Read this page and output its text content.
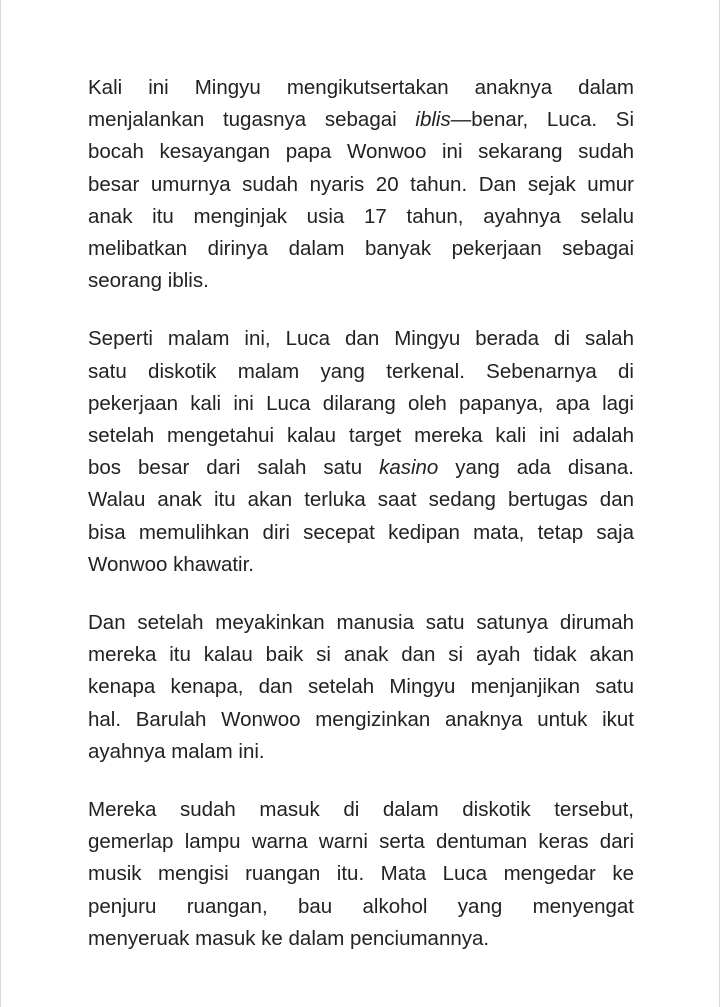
Kali ini Mingyu mengikutsertakan anaknya dalam
menjalankan tugasnya sebagai iblis—benar, Luca. Si
bocah kesayangan papa Wonwoo ini sekarang sudah
besar umurnya sudah nyaris 20 tahun. Dan sejak umur
anak itu menginjak usia 17 tahun, ayahnya selalu
melibatkan dirinya dalam banyak pekerjaan sebagai
seorang iblis.

Seperti malam ini, Luca dan Mingyu berada di salah
satu diskotik malam yang terkenal. Sebenarnya di
pekerjaan kali ini Luca dilarang oleh papanya, apa lagi
setelah mengetahui kalau target mereka kali ini adalah
bos besar dari salah satu kasino yang ada disana.
Walau anak itu akan terluka saat sedang bertugas dan
bisa memulihkan diri secepat kedipan mata, tetap saja
Wonwoo khawatir.

Dan setelah meyakinkan manusia satu satunya dirumah
mereka itu kalau baik si anak dan si ayah tidak akan
kenapa kenapa, dan setelah Mingyu menjanjikan satu
hal. Barulah Wonwoo mengizinkan anaknya untuk ikut
ayahnya malam ini.

Mereka sudah masuk di dalam diskotik tersebut,
gemerlap lampu warna warni serta dentuman keras dari
musik mengisi ruangan itu. Mata Luca mengedar ke
penjuru ruangan, bau alkohol yang menyengat
menyeruak masuk ke dalam penciumannya.
